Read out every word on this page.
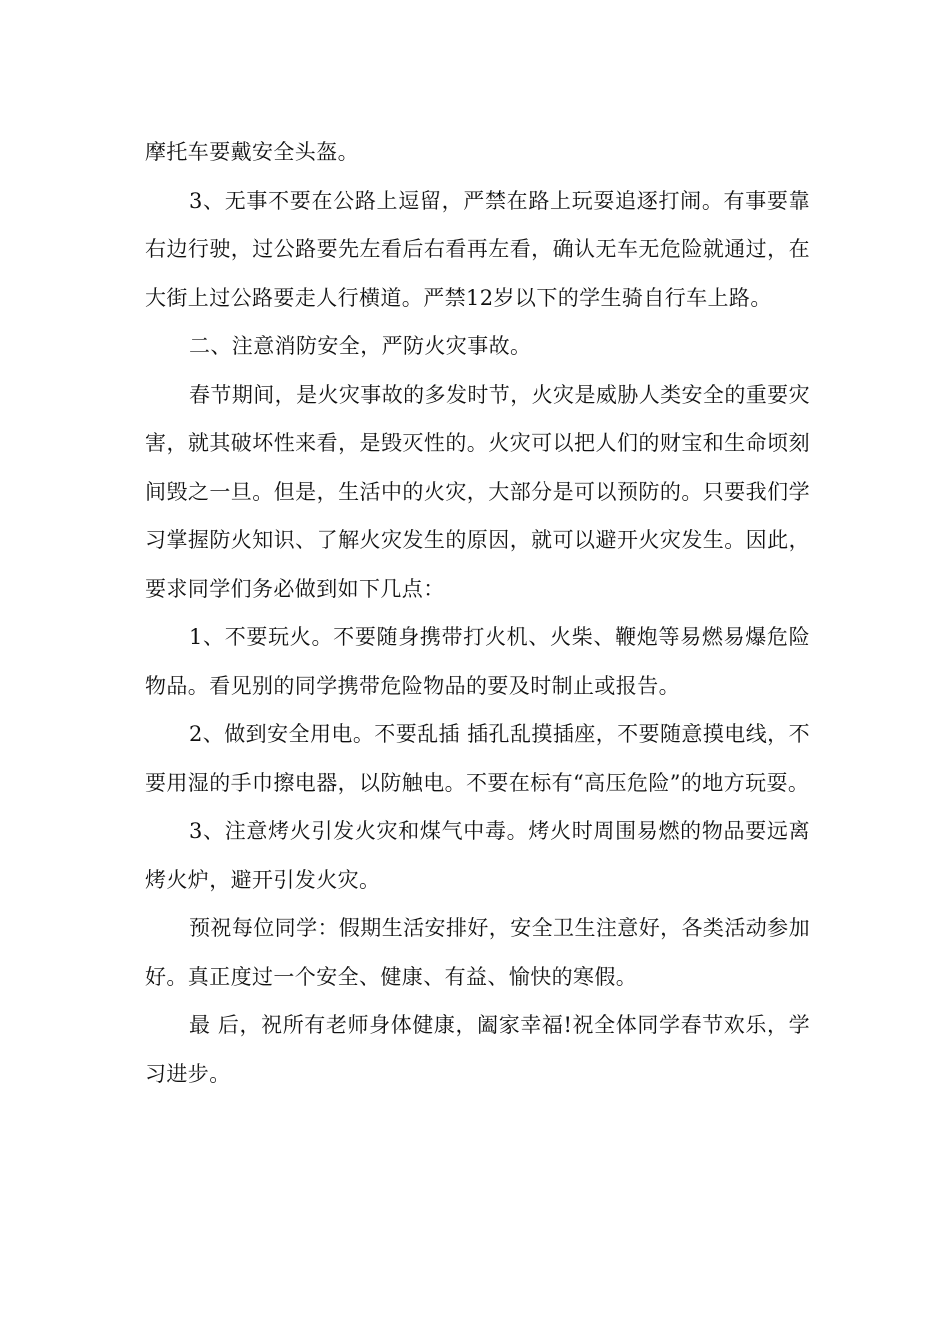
摩托车要戴安全头盔。

3、无事不要在公路上逗留，严禁在路上玩耍追逐打闹。有事要靠右边行驶，过公路要先左看后右看再左看，确认无车无危险就通过，在大街上过公路要走人行横道。严禁12岁以下的学生骑自行车上路。

二、注意消防安全，严防火灾事故。

春节期间，是火灾事故的多发时节，火灾是威胁人类安全的重要灾害，就其破坏性来看，是毁灭性的。火灾可以把人们的财宝和生命顷刻间毁之一旦。但是，生活中的火灾，大部分是可以预防的。只要我们学习掌握防火知识、了解火灾发生的原因，就可以避开火灾发生。因此，要求同学们务必做到如下几点：

1、不要玩火。不要随身携带打火机、火柴、鞭炮等易燃易爆危险物品。看见别的同学携带危险物品的要及时制止或报告。

2、做到安全用电。不要乱插 插孔乱摸插座，不要随意摸电线，不要用湿的手巾擦电器，以防触电。不要在标有“高压危险”的地方玩耍。

3、注意烤火引发火灾和煤气中毒。烤火时周围易燃的物品要远离烤火炉，避开引发火灾。

预祝每位同学：假期生活安排好，安全卫生注意好，各类活动参加好。真正度过一个安全、健康、有益、愉快的寒假。

最 后，祝所有老师身体健康，阖家幸福!祝全体同学春节欢乐，学习进步。
